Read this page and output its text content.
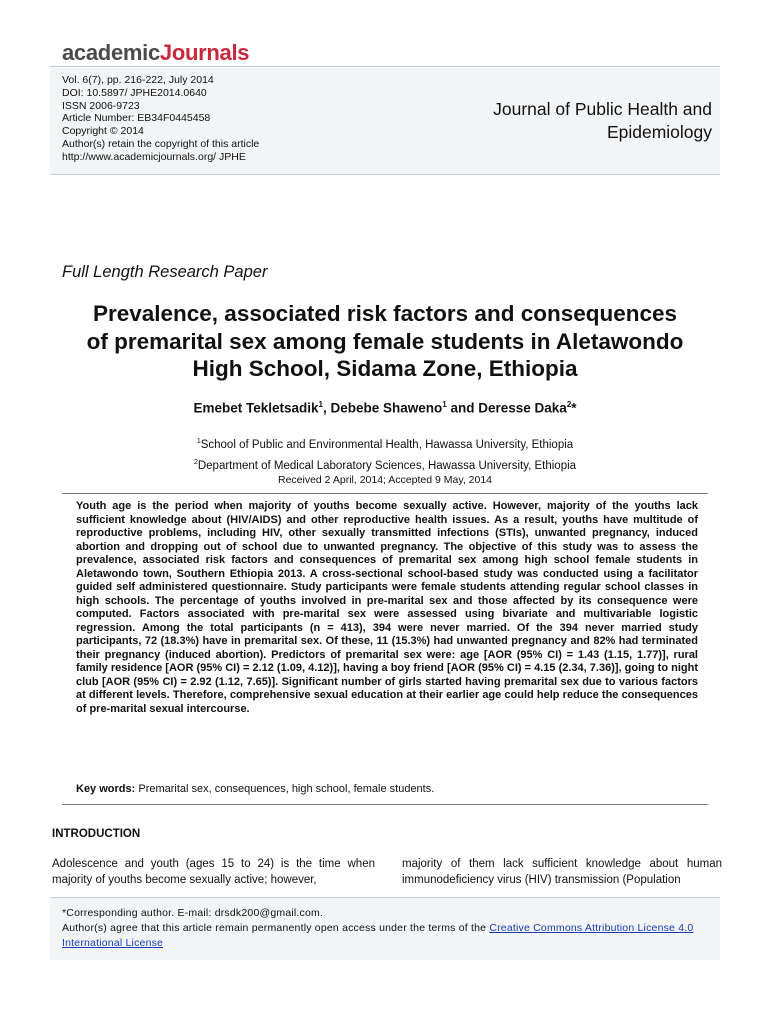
academicJournals
Vol. 6(7), pp. 216-222, July 2014
DOI: 10.5897/ JPHE2014.0640
ISSN 2006-9723
Article Number: EB34F0445458
Copyright © 2014
Author(s) retain the copyright of this article
http://www.academicjournals.org/ JPHE
Journal of Public Health and
Epidemiology
Full Length Research Paper
Prevalence, associated risk factors and consequences
of premarital sex among female students in Aletawondo
High School, Sidama Zone, Ethiopia
Emebet Tekletsadik$^1$, Debebe Shaweno$^1$ and Deresse Daka$^2$*
$^1$School of Public and Environmental Health, Hawassa University, Ethiopia
$^2$Department of Medical Laboratory Sciences, Hawassa University, Ethiopia
Received 2 April, 2014; Accepted 9 May, 2014
Youth age is the period when majority of youths become sexually active. However, majority of the youths lack sufficient knowledge about (HIV/AIDS) and other reproductive health issues. As a result, youths have multitude of reproductive problems, including HIV, other sexually transmitted infections (STIs), unwanted pregnancy, induced abortion and dropping out of school due to unwanted pregnancy. The objective of this study was to assess the prevalence, associated risk factors and consequences of premarital sex among high school female students in Aletawondo town, Southern Ethiopia 2013. A cross-sectional school-based study was conducted using a facilitator guided self administered questionnaire. Study participants were female students attending regular school classes in high schools. The percentage of youths involved in pre-marital sex and those affected by its consequence were computed. Factors associated with pre-marital sex were assessed using bivariate and multivariable logistic regression. Among the total participants (n = 413), 394 were never married. Of the 394 never married study participants, 72 (18.3%) have in premarital sex. Of these, 11 (15.3%) had unwanted pregnancy and 82% had terminated their pregnancy (induced abortion). Predictors of premarital sex were: age [AOR (95% CI) = 1.43 (1.15, 1.77)], rural family residence [AOR (95% CI) = 2.12 (1.09, 4.12)], having a boy friend [AOR (95% CI) = 4.15 (2.34, 7.36)], going to night club [AOR (95% CI) = 2.92 (1.12, 7.65)]. Significant number of girls started having premarital sex due to various factors at different levels. Therefore, comprehensive sexual education at their earlier age could help reduce the consequences of pre-marital sexual intercourse.
Key words: Premarital sex, consequences, high school, female students.
INTRODUCTION
Adolescence and youth (ages 15 to 24) is the time when majority of youths become sexually active; however,
majority of them lack sufficient knowledge about human immunodeficiency virus (HIV) transmission (Population
*Corresponding author. E-mail: drsdk200@gmail.com.
Author(s) agree that this article remain permanently open access under the terms of the Creative Commons Attribution License 4.0 International License
